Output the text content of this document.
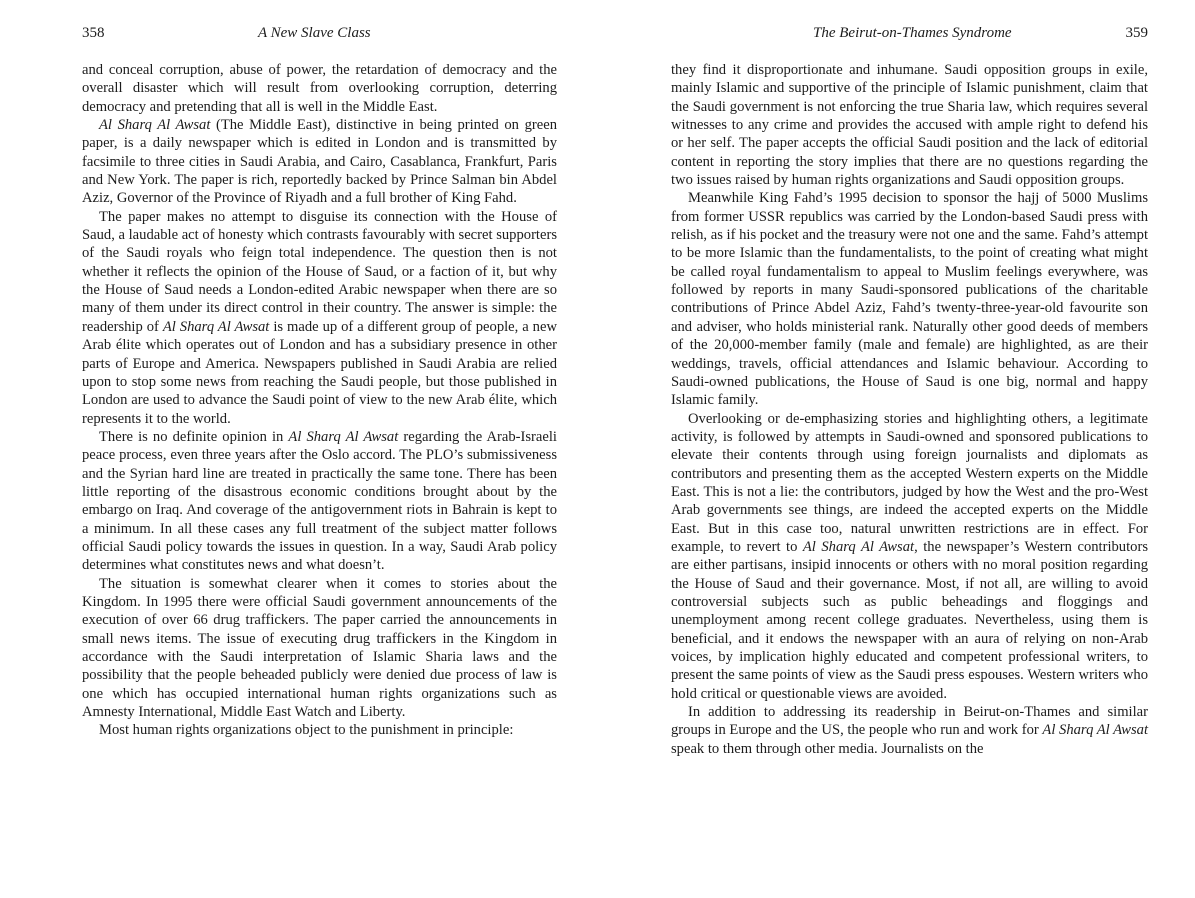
358	A New Slave Class

and conceal corruption, abuse of power, the retardation of democracy and the overall disaster which will result from overlooking corruption, deterring democracy and pretending that all is well in the Middle East.

Al Sharq Al Awsat (The Middle East), distinctive in being printed on green paper, is a daily newspaper which is edited in London and is transmitted by facsimile to three cities in Saudi Arabia, and Cairo, Casablanca, Frankfurt, Paris and New York. The paper is rich, reportedly backed by Prince Salman bin Abdel Aziz, Governor of the Province of Riyadh and a full brother of King Fahd.

The paper makes no attempt to disguise its connection with the House of Saud, a laudable act of honesty which contrasts favourably with secret supporters of the Saudi royals who feign total independence. The question then is not whether it reflects the opinion of the House of Saud, or a faction of it, but why the House of Saud needs a London-edited Arabic newspaper when there are so many of them under its direct control in their country. The answer is simple: the readership of Al Sharq Al Awsat is made up of a different group of people, a new Arab élite which operates out of London and has a subsidiary presence in other parts of Europe and America. Newspapers published in Saudi Arabia are relied upon to stop some news from reaching the Saudi people, but those published in London are used to advance the Saudi point of view to the new Arab élite, which represents it to the world.

There is no definite opinion in Al Sharq Al Awsat regarding the Arab-Israeli peace process, even three years after the Oslo accord. The PLO’s submissiveness and the Syrian hard line are treated in practically the same tone. There has been little reporting of the disastrous economic conditions brought about by the embargo on Iraq. And coverage of the antigovernment riots in Bahrain is kept to a minimum. In all these cases any full treatment of the subject matter follows official Saudi policy towards the issues in question. In a way, Saudi Arab policy determines what constitutes news and what doesn’t.

The situation is somewhat clearer when it comes to stories about the Kingdom. In 1995 there were official Saudi government announcements of the execution of over 66 drug traffickers. The paper carried the announcements in small news items. The issue of executing drug traffickers in the Kingdom in accordance with the Saudi interpretation of Islamic Sharia laws and the possibility that the people beheaded publicly were denied due process of law is one which has occupied international human rights organizations such as Amnesty International, Middle East Watch and Liberty.

Most human rights organizations object to the punishment in principle:

The Beirut-on-Thames Syndrome	359

they find it disproportionate and inhumane. Saudi opposition groups in exile, mainly Islamic and supportive of the principle of Islamic punishment, claim that the Saudi government is not enforcing the true Sharia law, which requires several witnesses to any crime and provides the accused with ample right to defend his or her self. The paper accepts the official Saudi position and the lack of editorial content in reporting the story implies that there are no questions regarding the two issues raised by human rights organizations and Saudi opposition groups.

Meanwhile King Fahd’s 1995 decision to sponsor the hajj of 5000 Muslims from former USSR republics was carried by the London-based Saudi press with relish, as if his pocket and the treasury were not one and the same. Fahd’s attempt to be more Islamic than the fundamentalists, to the point of creating what might be called royal fundamentalism to appeal to Muslim feelings everywhere, was followed by reports in many Saudi-sponsored publications of the charitable contributions of Prince Abdel Aziz, Fahd’s twenty-three-year-old favourite son and adviser, who holds ministerial rank. Naturally other good deeds of members of the 20,000-member family (male and female) are highlighted, as are their weddings, travels, official attendances and Islamic behaviour. According to Saudi-owned publications, the House of Saud is one big, normal and happy Islamic family.

Overlooking or de-emphasizing stories and highlighting others, a legitimate activity, is followed by attempts in Saudi-owned and sponsored publications to elevate their contents through using foreign journalists and diplomats as contributors and presenting them as the accepted Western experts on the Middle East. This is not a lie: the contributors, judged by how the West and the pro-West Arab governments see things, are indeed the accepted experts on the Middle East. But in this case too, natural unwritten restrictions are in effect. For example, to revert to Al Sharq Al Awsat, the newspaper’s Western contributors are either partisans, insipid innocents or others with no moral position regarding the House of Saud and their governance. Most, if not all, are willing to avoid controversial subjects such as public beheadings and floggings and unemployment among recent college graduates. Nevertheless, using them is beneficial, and it endows the newspaper with an aura of relying on non-Arab voices, by implication highly educated and competent professional writers, to present the same points of view as the Saudi press espouses. Western writers who hold critical or questionable views are avoided.

In addition to addressing its readership in Beirut-on-Thames and similar groups in Europe and the US, the people who run and work for Al Sharq Al Awsat speak to them through other media. Journalists on the
